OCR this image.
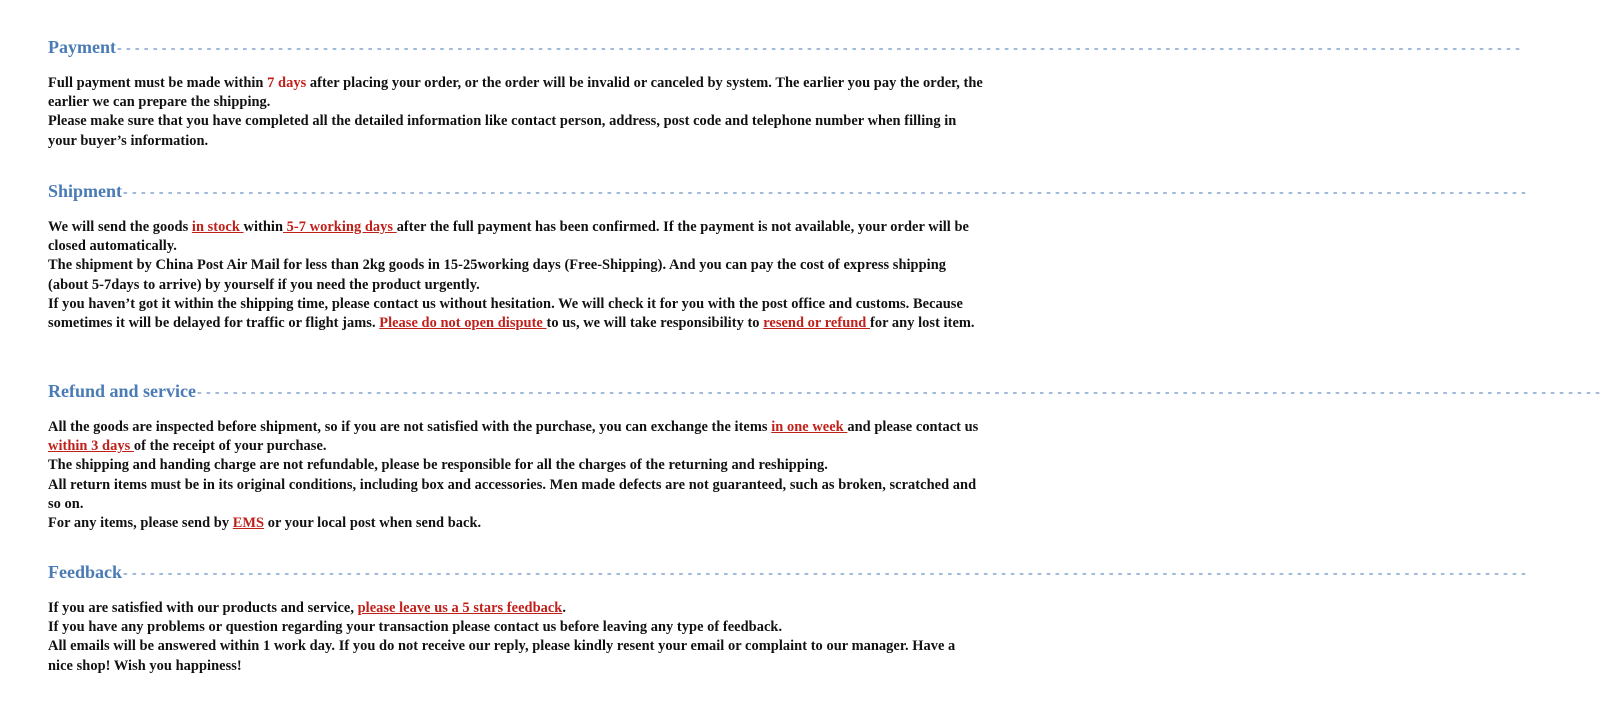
Payment - - - - - - - - - - - - - - - - - - - - - - - - - - - - - - - - - - - - - - - - - - - - - - - - - - - - - - - - - - - - - - - - - - - - - - - - - - - - - - - - - - - - - - - - - - - - - - - - - - - - - - - - - - - - - - - - - - - - - - - - - - - - - - - - - - - - - - - - - - - - - - - - - - - - - - - - - - - - -

Full payment must be made within 7 days after placing your order, or the order will be invalid or canceled by system. The earlier you pay the order, the earlier we can prepare the shipping.

Please make sure that you have completed all the detailed information like contact person, address, post code and telephone number when filling in your buyer’s information.

Shipment - - - - - - - - - - - - - - - - - - - - - - - - - - - - - - - - - - - - - - - - - - - - - - - - - - - - - - - - - - - - - - - - - - - - - - - - - - - - - - - - - - - - - - - - - - - - - - - - - - - - - - - - - - - - - - - - - - - - - - - - - - - - - - - - - - - - - - - - - - - - - - - - - - - - - - - - - - - - -

We will send the goods in stock within 5-7 working days after the full payment has been confirmed. If the payment is not available, your order will be closed automatically.

The shipment by China Post Air Mail for less than 2kg goods in 15-25working days (Free-Shipping). And you can pay the cost of express shipping (about 5-7days to arrive) by yourself if you need the product urgently.

If you haven’t got it within the shipping time, please contact us without hesitation. We will check it for you with the post office and customs. Because sometimes it will be delayed for traffic or flight jams. Please do not open dispute to us, we will take responsibility to resend or refund for any lost item.

Refund and service - - - - - - - - - - - - - - - - - - - - - - - - - - - - - - - - - - - - - - - - - - - - - - - - - - - - - - - - - - - - - - - - - - - - - - - - - - - - - - - - - - - - - - - - - - - - - - - - - - - - - - - - - - - - - - - - - - - - - - - - - - - - - - - - - - - - - - - - - - - - - - - - - - - - - - - - - - - - -

All the goods are inspected before shipment, so if you are not satisfied with the purchase, you can exchange the items in one week and please contact us within 3 days of the receipt of your purchase.

The shipping and handing charge are not refundable, please be responsible for all the charges of the returning and reshipping.

All return items must be in its original conditions, including box and accessories. Men made defects are not guaranteed, such as broken, scratched and so on.

For any items, please send by EMS or your local post when send back.

Feedback - - - - - - - - - - - - - - - - - - - - - - - - - - - - - - - - - - - - - - - - - - - - - - - - - - - - - - - - - - - - - - - - - - - - - - - - - - - - - - - - - - - - - - - - - - - - - - - - - - - - - - - - - - - - - - - - - - - - - - - - - - - - - - - - - - - - - - - - - - - - - - - - - - - - - - - - - - - - -

If you are satisfied with our products and service, please leave us a 5 stars feedback.

If you have any problems or question regarding your transaction please contact us before leaving any type of feedback.

All emails will be answered within 1 work day. If you do not receive our reply, please kindly resent your email or complaint to our manager. Have a nice shop! Wish you happiness!
